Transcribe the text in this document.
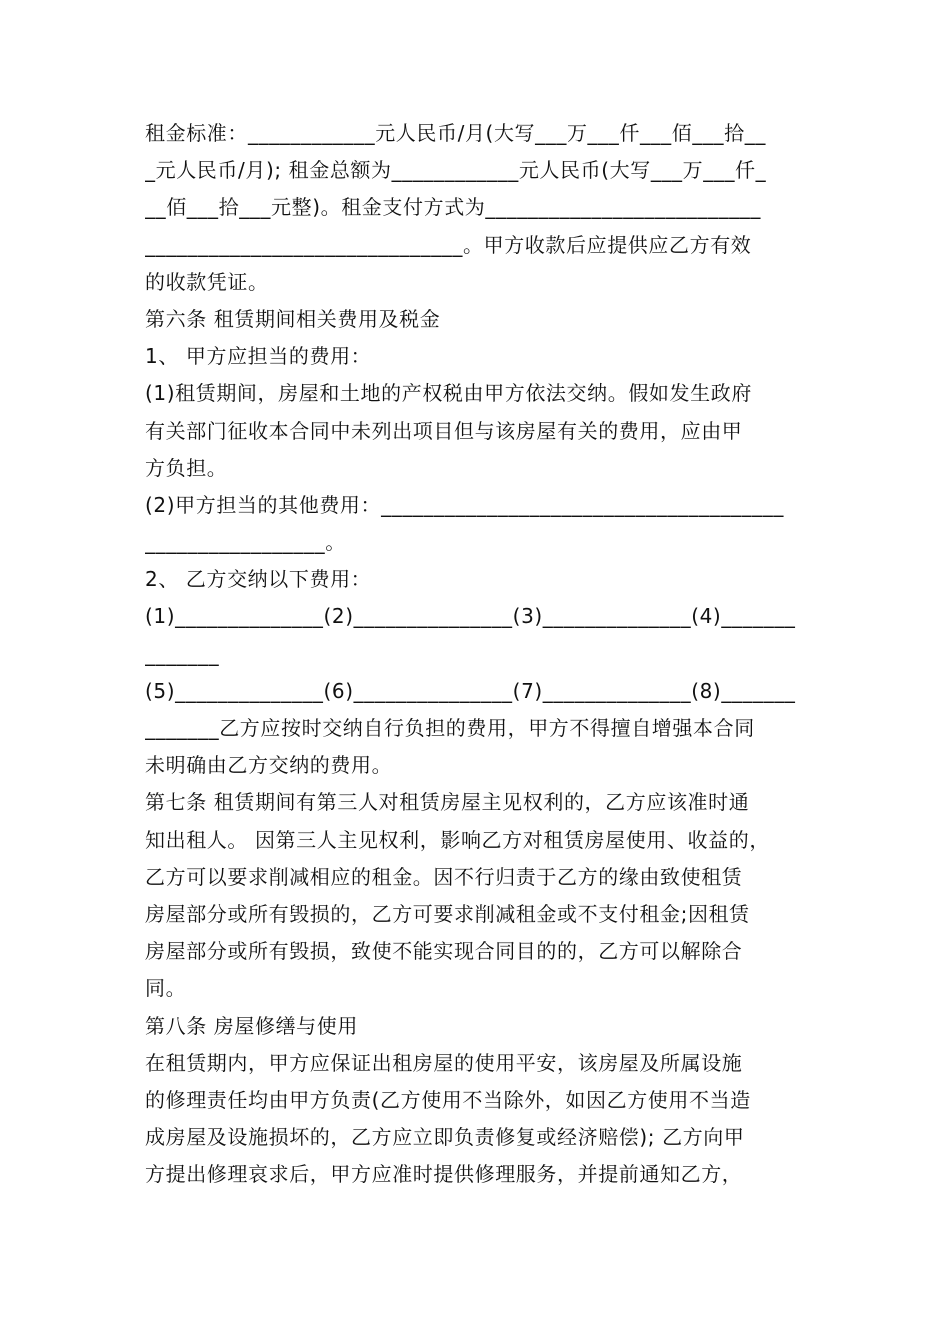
租金标准：____________元人民币/月(大写___万___仟___佰___拾__
_元人民币/月); 租金总额为____________元人民币(大写___万___仟_
__佰___拾___元整)。租金支付方式为__________________________
______________________________。甲方收款后应提供应乙方有效
的收款凭证。
第六条 租赁期间相关费用及税金
1、 甲方应担当的费用：
(1)租赁期间，房屋和土地的产权税由甲方依法交纳。假如发生政府
有关部门征收本合同中未列出项目但与该房屋有关的费用，应由甲
方负担。
(2)甲方担当的其他费用：______________________________________
_________________。
2、 乙方交纳以下费用：
(1)______________(2)_______________(3)______________(4)_______
_______
(5)______________(6)_______________(7)______________(8)_______
_______乙方应按时交纳自行负担的费用，甲方不得擅自增强本合同
未明确由乙方交纳的费用。
第七条 租赁期间有第三人对租赁房屋主见权利的，乙方应该准时通
知出租人。 因第三人主见权利，影响乙方对租赁房屋使用、收益的，
乙方可以要求削减相应的租金。因不行归责于乙方的缘由致使租赁
房屋部分或所有毁损的，乙方可要求削减租金或不支付租金;因租赁
房屋部分或所有毁损，致使不能实现合同目的的，乙方可以解除合
同。
第八条 房屋修缮与使用
在租赁期内，甲方应保证出租房屋的使用平安，该房屋及所属设施
的修理责任均由甲方负责(乙方使用不当除外，如因乙方使用不当造
成房屋及设施损坏的，乙方应立即负责修复或经济赔偿); 乙方向甲
方提出修理哀求后，甲方应准时提供修理服务，并提前通知乙方，
